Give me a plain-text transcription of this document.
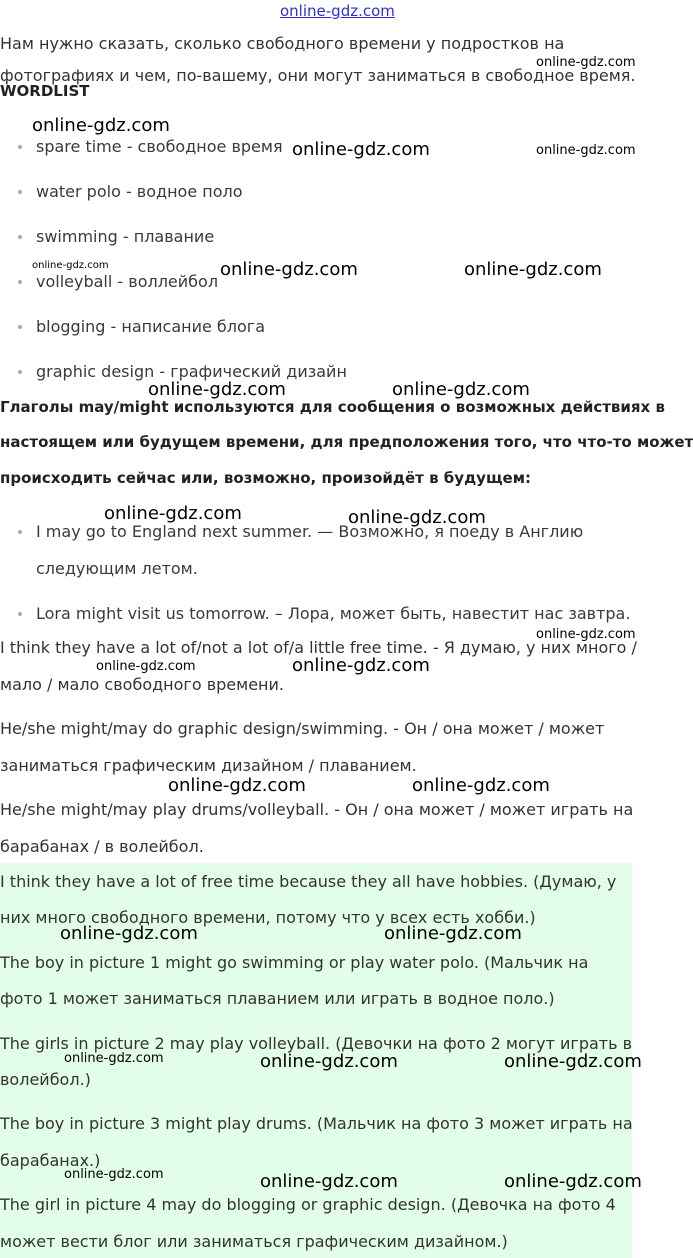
online-gdz.com
Нам нужно сказать, сколько свободного времени у подростков на
фотографиях и чем, по-вашему, они могут заниматься в свободное время.
WORDLIST
spare time - свободное время
water polo - водное поло
swimming - плавание
volleyball - воллейбол
blogging - написание блога
graphic design - графический дизайн
Глаголы may/might используются для сообщения о возможных действиях в
настоящем или будущем времени, для предположения того, что что-то может
происходить сейчас или, возможно, произойдёт в будущем:
I may go to England next summer. — Возможно, я поеду в Англию
следующим летом.
Lora might visit us tomorrow. – Лора, может быть, навестит нас завтра.
I think they have a lot of/not a lot of/a little free time. - Я думаю, у них много /
мало / мало свободного времени.
He/she might/may do graphic design/swimming. - Он / она может / может
заниматься графическим дизайном / плаванием.
He/she might/may play drums/volleyball. - Он / она может / может играть на
барабанах / в волейбол.
I think they have a lot of free time because they all have hobbies. (Думаю, у
них много свободного времени, потому что у всех есть хобби.)
The boy in picture 1 might go swimming or play water polo. (Мальчик на
фото 1 может заниматься плаванием или играть в водное поло.)
The girls in picture 2 may play volleyball. (Девочки на фото 2 могут играть в
волейбол.)
The boy in picture 3 might play drums. (Мальчик на фото 3 может играть на
барабанах.)
The girl in picture 4 may do blogging or graphic design. (Девочка на фото 4
может вести блог или заниматься графическим дизайном.)
online-gdz.com
online-gdz.com
online-gdz.com	online-gdz.com
online-gdz.com	online-gdz.com	online-gdz.com
online-gdz.com	online-gdz.com
online-gdz.com	online-gdz.com
online-gdz.com
online-gdz.com	online-gdz.com
online-gdz.com	online-gdz.com
online-gdz.com	online-gdz.com
online-gdz.com	online-gdz.com	online-gdz.com
online-gdz.com	online-gdz.com	online-gdz.com
